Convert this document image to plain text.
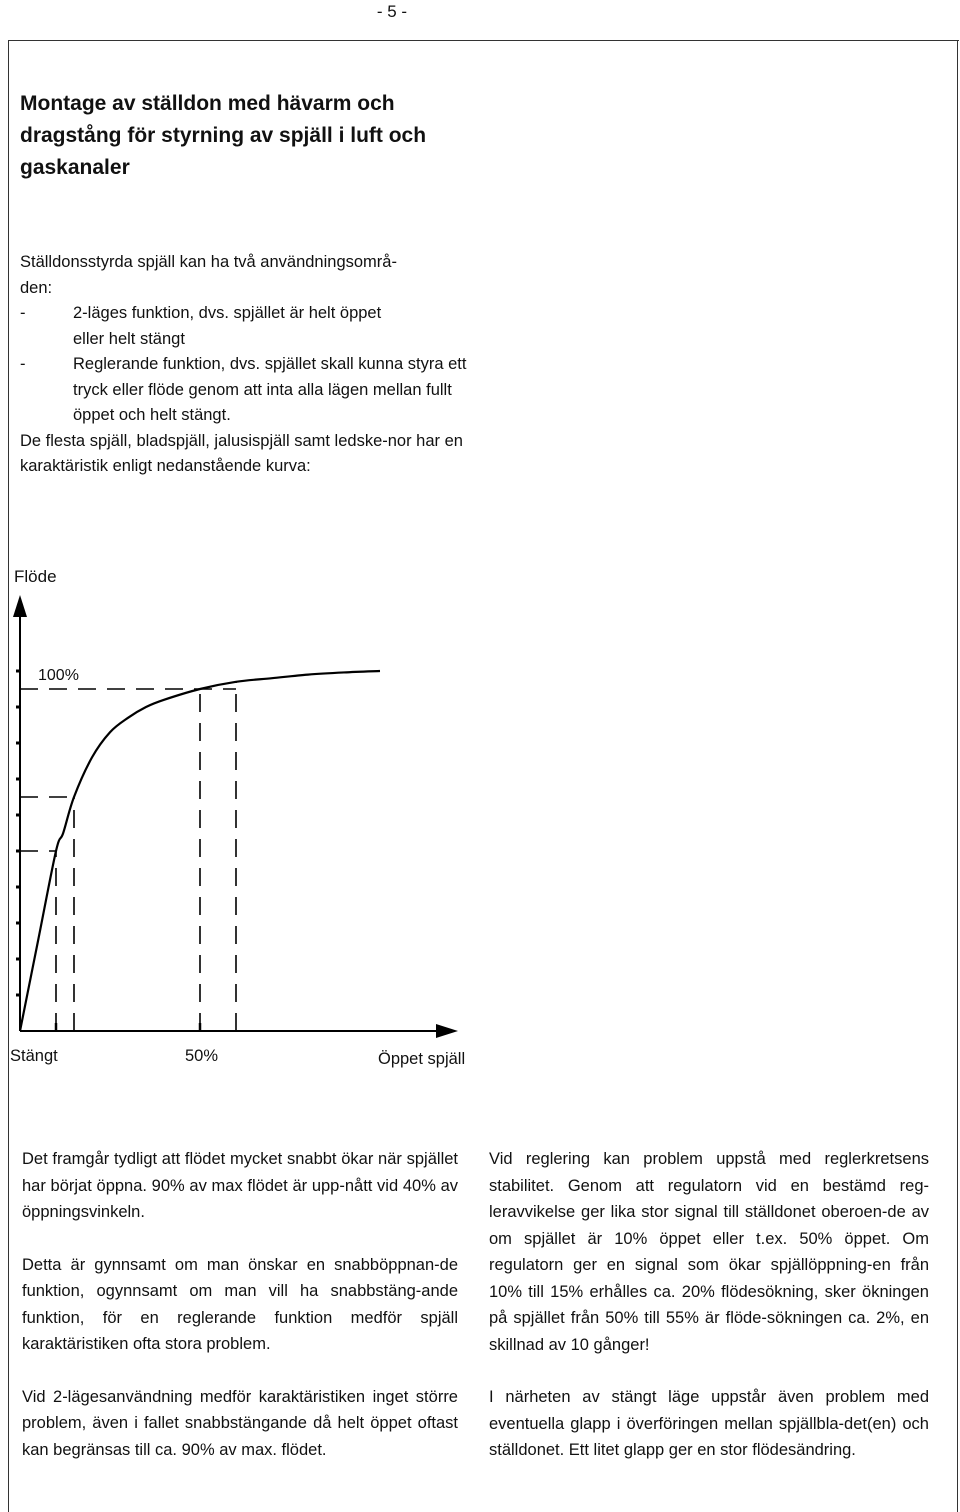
- 5 -
Montage av ställdon med hävarm och dragstång för styrning av spjäll i luft och gaskanaler
Ställdonsstyrda spjäll kan ha två användningsområ-
den:
-	2-läges funktion, dvs. spjället är helt öppet
eller helt stängt
-	Reglerande funktion, dvs. spjället skall kunna styra ett tryck eller flöde genom att inta alla lägen mellan fullt öppet och helt stängt.
De flesta spjäll, bladspjäll, jalusispjäll samt ledske-nor har en karaktäristik enligt nedanstående kurva:
Flöde
100%
Stängt	50%	Öppet spjäll

Det framgår tydligt att flödet mycket snabbt ökar när spjället har börjat öppna. 90% av max flödet är upp-nått vid 40% av öppningsvinkeln.

Detta är gynnsamt om man önskar en snabböppnan-de funktion, ogynnsamt om man vill ha snabbstäng-ande funktion, för en reglerande funktion medför spjäll karaktäristiken ofta stora problem.

Vid 2-lägesanvändning medför karaktäristiken inget större problem, även i fallet snabbstängande då helt öppet oftast kan begränsas till ca. 90% av max. flödet.

Vid reglering kan problem uppstå med reglerkretsens stabilitet. Genom att regulatorn vid en bestämd reg-leravvikelse ger lika stor signal till ställdonet oberoen-de av om spjället är 10% öppet eller t.ex. 50% öppet. Om regulatorn ger en signal som ökar spjällöppning-en från 10% till 15% erhålles ca. 20% flödesökning, sker ökningen på spjället från 50% till 55% är flöde-sökningen ca. 2%, en skillnad av 10 gånger!

I närheten av stängt läge uppstår även problem med eventuella glapp i överföringen mellan spjällbla-det(en) och ställdonet. Ett litet glapp ger en stor flödesändring.
